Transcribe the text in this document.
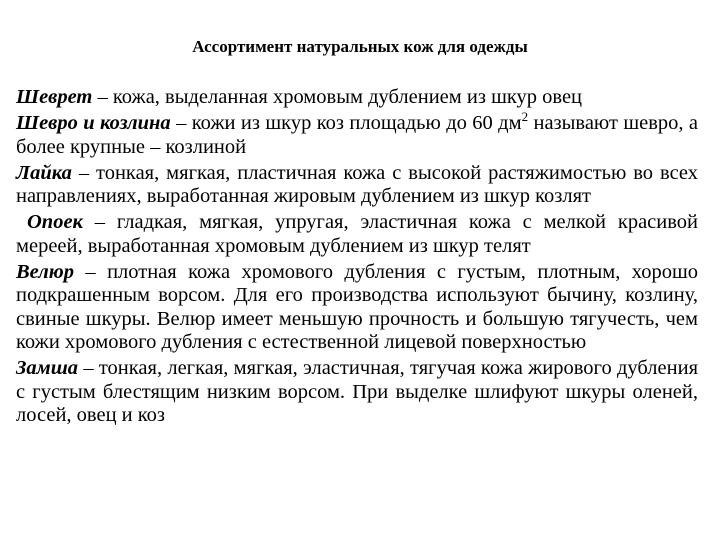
Ассортимент натуральных кож для одежды

Шеврет – кожа, выделанная хромовым дублением из шкур овец

Шевро и козлина – кожи из шкур коз площадью до 60 $дм^2$ называют шевро, а более крупные – козлиной

Лайка – тонкая, мягкая, пластичная кожа с высокой растяжимостью во всех направлениях, выработанная жировым дублением из шкур козлят

Опоек – гладкая, мягкая, упругая, эластичная кожа с мелкой красивой мереей, выработанная хромовым дублением из шкур телят

Велюр – плотная кожа хромового дубления с густым, плотным, хорошо подкрашенным ворсом. Для его производства используют бычину, козлину, свиные шкуры. Велюр имеет меньшую прочность и большую тягучесть, чем кожи хромового дубления с естественной лицевой поверхностью

Замша – тонкая, легкая, мягкая, эластичная, тягучая кожа жирового дубления с густым блестящим низким ворсом. При выделке шлифуют шкуры оленей, лосей, овец и коз
